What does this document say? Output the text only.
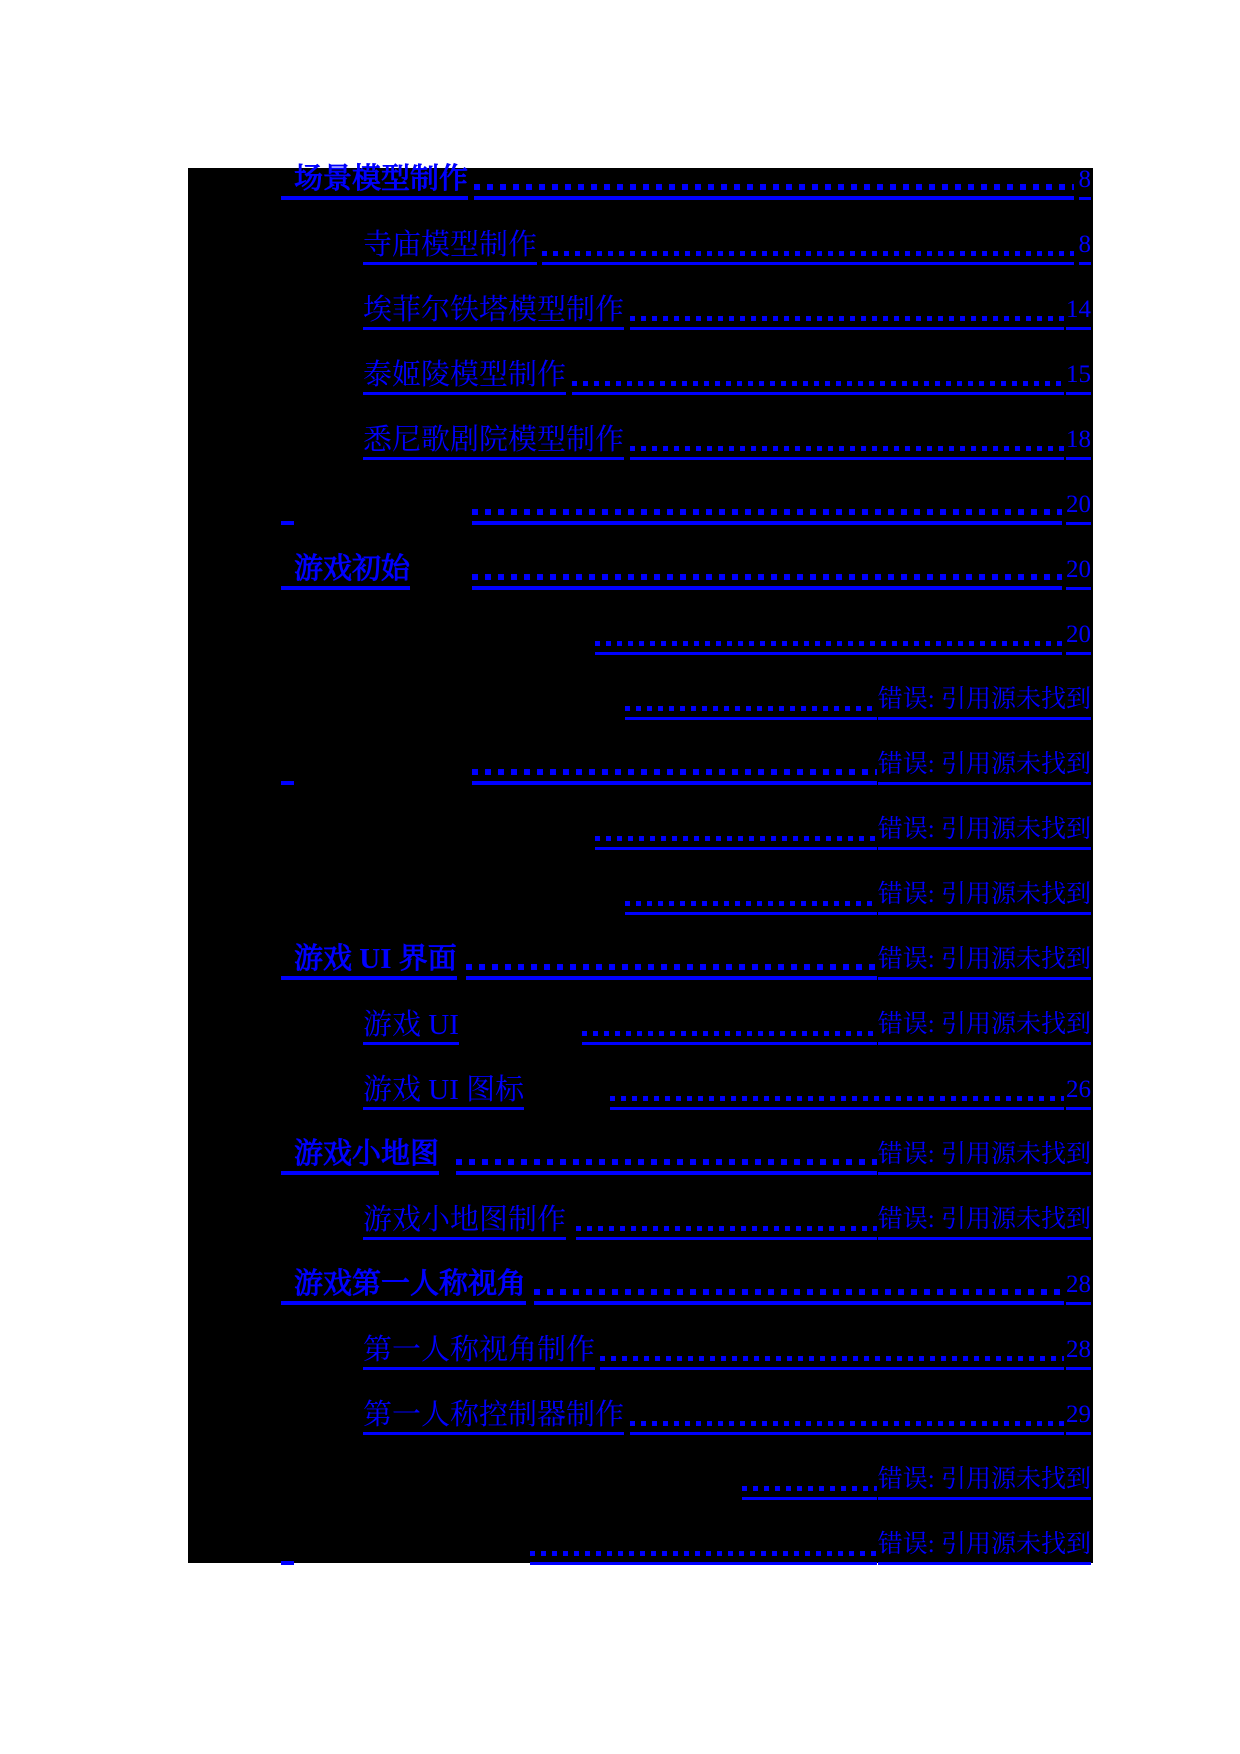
场景模型制作	8
寺庙模型制作	8
埃菲尔铁塔模型制作	14
泰姬陵模型制作	15
悉尼歌剧院模型制作	18
20
游戏初始	20
20
错误: 引用源未找到
错误: 引用源未找到
错误: 引用源未找到
错误: 引用源未找到
游戏 UI 界面	错误: 引用源未找到
游戏 UI	错误: 引用源未找到
游戏 UI 图标	26
游戏小地图	错误: 引用源未找到
游戏小地图制作	错误: 引用源未找到
游戏第一人称视角	28
第一人称视角制作	28
第一人称控制器制作	29
错误: 引用源未找到
错误: 引用源未找到
